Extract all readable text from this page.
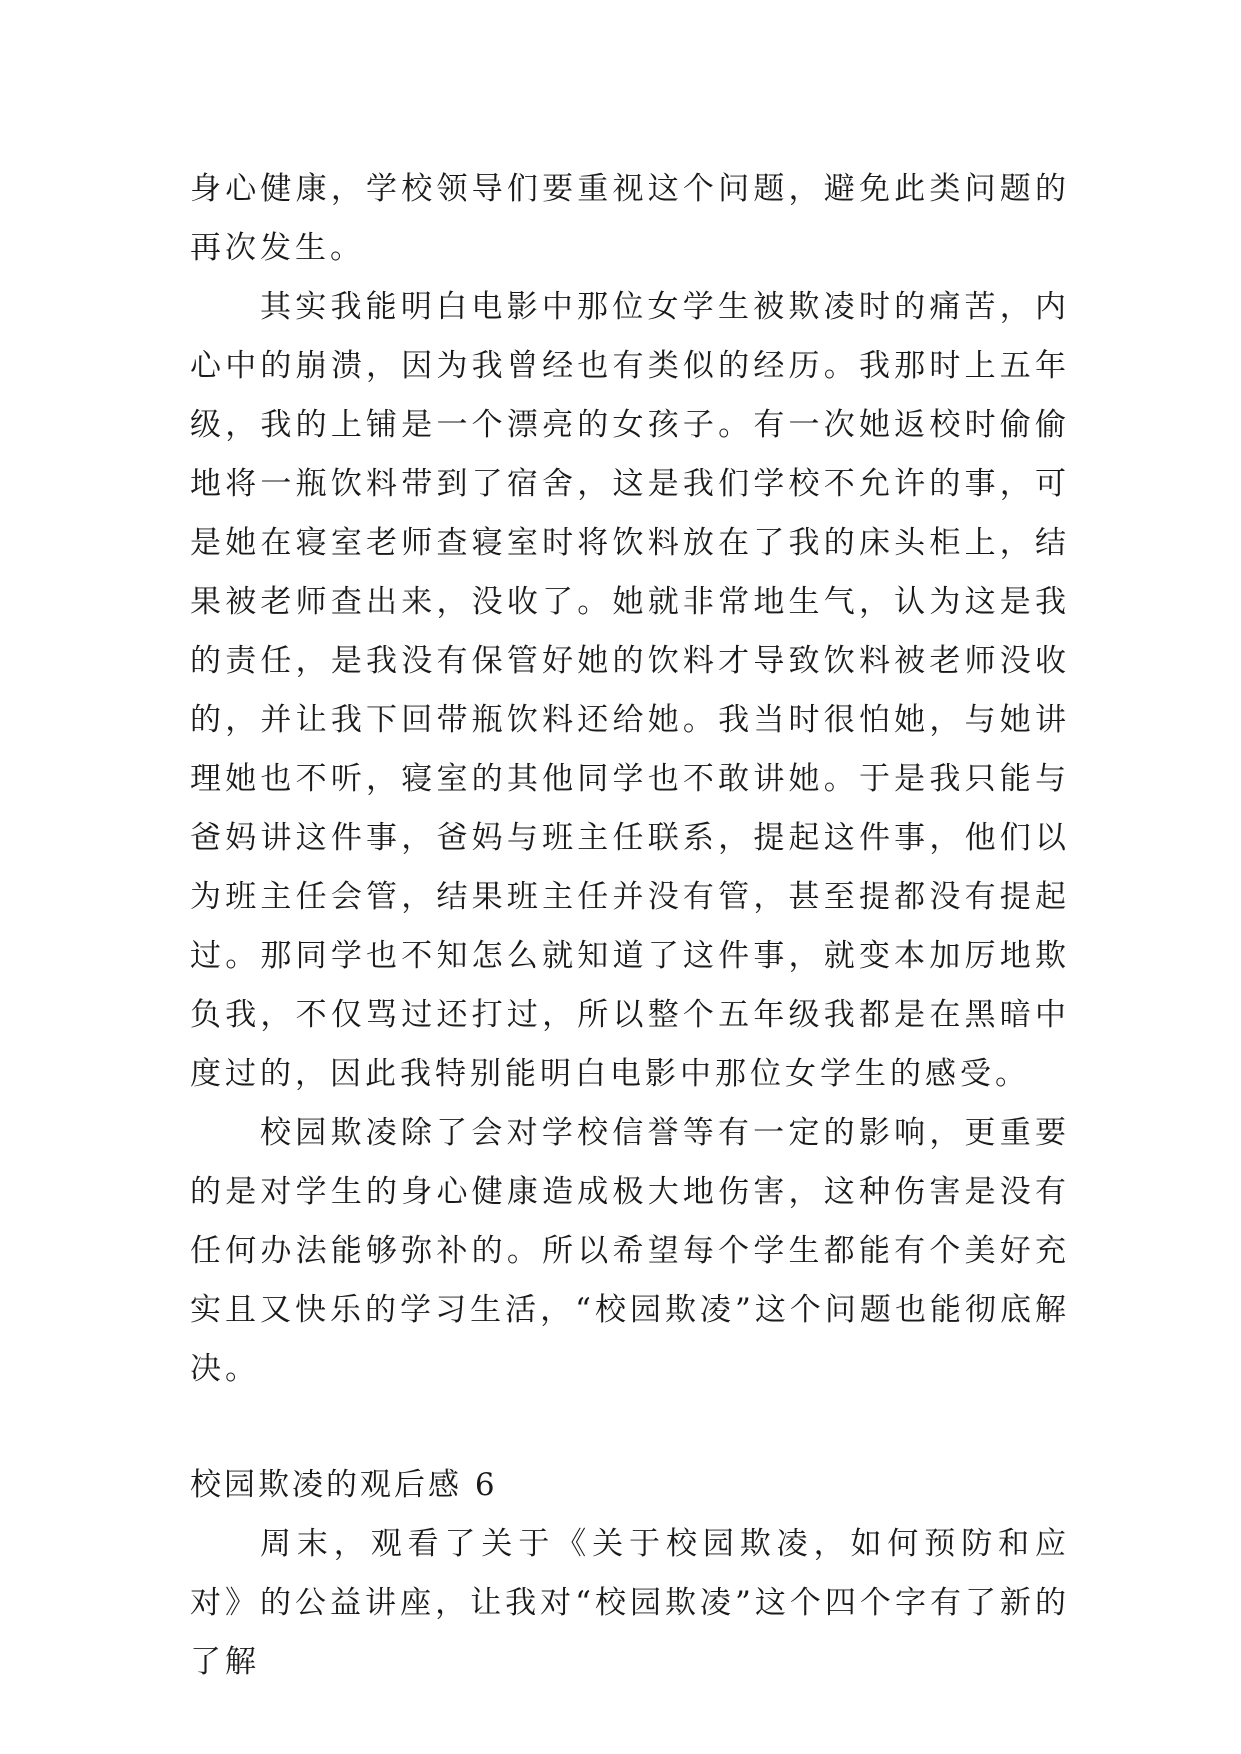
身心健康，学校领导们要重视这个问题，避免此类问题的再次发生。

其实我能明白电影中那位女学生被欺凌时的痛苦，内心中的崩溃，因为我曾经也有类似的经历。我那时上五年级，我的上铺是一个漂亮的女孩子。有一次她返校时偷偷地将一瓶饮料带到了宿舍，这是我们学校不允许的事，可是她在寝室老师查寝室时将饮料放在了我的床头柜上，结果被老师查出来，没收了。她就非常地生气，认为这是我的责任，是我没有保管好她的饮料才导致饮料被老师没收的，并让我下回带瓶饮料还给她。我当时很怕她，与她讲理她也不听，寝室的其他同学也不敢讲她。于是我只能与爸妈讲这件事，爸妈与班主任联系，提起这件事，他们以为班主任会管，结果班主任并没有管，甚至提都没有提起过。那同学也不知怎么就知道了这件事，就变本加厉地欺负我，不仅骂过还打过，所以整个五年级我都是在黑暗中度过的，因此我特别能明白电影中那位女学生的感受。

校园欺凌除了会对学校信誉等有一定的影响，更重要的是对学生的身心健康造成极大地伤害，这种伤害是没有任何办法能够弥补的。所以希望每个学生都能有个美好充实且又快乐的学习生活，“校园欺凌”这个问题也能彻底解决。

校园欺凌的观后感 6

周末，观看了关于《关于校园欺凌，如何预防和应对》的公益讲座，让我对“校园欺凌”这个四个字有了新的了解
